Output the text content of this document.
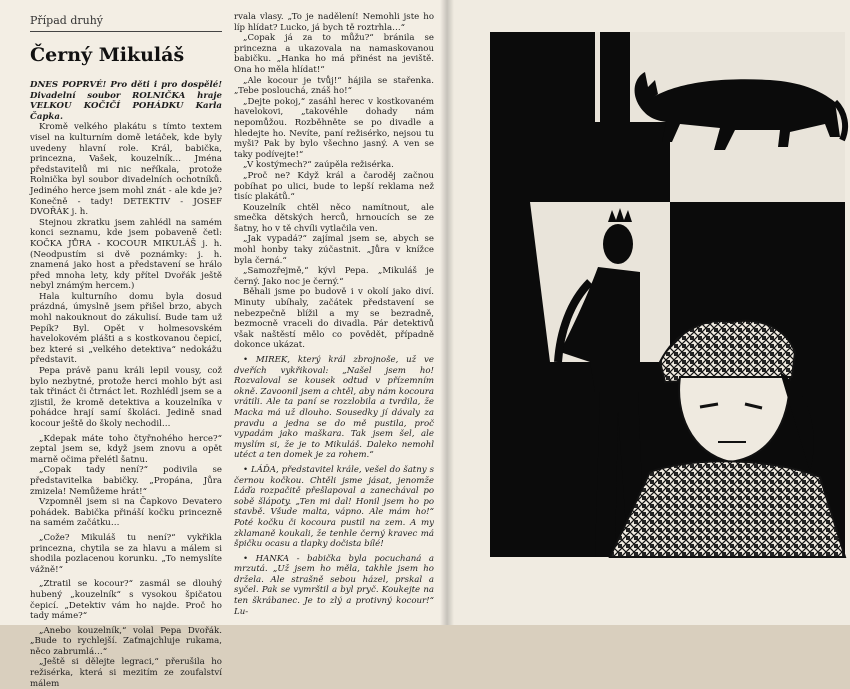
Případ druhý
Černý Mikuláš

DNES POPRVÉ! Pro děti i pro dospělé! Divadelní soubor ROLNIČKA hraje VELKOU KOČIČÍ POHÁDKU Karla Čapka.

Kromě velkého plakátu s tímto textem visel na kulturním domě letáček, kde byly uvedeny hlavní role. Král, babička, princezna, Vašek, kouzelník… Jména představitelů mi nic neříkala, protože Rolnička byl soubor divadelních ochotníků. Jediného herce jsem mohl znát - ale kde je? Konečně - tady! DETEKTIV - JOSEF DVOŘÁK j. h.

Stejnou zkratku jsem zahlédl na samém konci seznamu, kde jsem pobaveně četl: KOČKA JŮRA - KOCOUR MIKULÁŠ j. h. (Neodpustím si dvě poznámky: j. h. znamená jako host a představení se hrálo před mnoha lety, kdy přítel Dvořák ještě nebyl známým hercem.)

Hala kulturního domu byla dosud prázdná, úmyslně jsem přišel brzo, abych mohl nakouknout do zákulisí. Bude tam už Pepík? Byl. Opět v holmesovském havelokovém plášti a s kostkovanou čepicí, bez které si „velkého detektiva“ nedokážu představit.

Pepa právě panu králi lepil vousy, což bylo nezbytné, protože herci mohlo být asi tak třináct či čtrnáct let. Rozhlédl jsem se a zjistil, že kromě detektiva a kouzelníka v pohádce hrají samí školáci. Jedině snad kocour ještě do školy nechodil…

„Kdepak máte toho čtyřnohého herce?“ zeptal jsem se, když jsem znovu a opět marně očima přelétl šatnu.

„Copak tady není?“ podivila se představitelka babičky. „Propána, Jůra zmizela! Nemůžeme hrát!“

Vzpomněl jsem si na Čapkovo Devatero pohádek. Babička přináší kočku princezně na samém začátku…

„Cože? Mikuláš tu není?“ vykřikla princezna, chytila se za hlavu a málem si shodila pozlacenou korunku. „To nemyslíte vážně!“

„Ztratil se kocour?“ zasmál se dlouhý hubený „kouzelník“ s vysokou špičatou čepicí. „Detektiv vám ho najde. Proč ho tady máme?“

„Anebo kouzelník,“ volal Pepa Dvořák. „Bude to rychlejší. Zaťmajchluje rukama, něco zabrumlá…“

„Ještě si dělejte legraci,“ přerušila ho režisérka, která si mezitím ze zoufalství málem

rvala vlasy. „To je nadělení! Nemohli jste ho líp hlídat? Lucko, já bych tě roztrhla…“

„Copak já za to můžu?“ bránila se princezna a ukazovala na namaskovanou babičku. „Hanka ho má přinést na jeviště. Ona ho měla hlídat!“

„Ale kocour je tvůj!“ hájila se stařenka. „Tebe poslouchá, znáš ho!“

„Dejte pokoj,“ zasáhl herec v kostkovaném havelokovi, „takovéhle dohady nám nepomůžou. Rozběhněte se po divadle a hledejte ho. Nevíte, paní režisérko, nejsou tu myši? Pak by bylo všechno jasný. A ven se taky podívejte!“

„V kostýmech?“ zaúpěla režisérka.

„Proč ne? Když král a čaroděj začnou pobíhat po ulici, bude to lepší reklama než tisíc plakátů.“

Kouzelník chtěl něco namítnout, ale smečka dětských herců, hrnoucích se ze šatny, ho v tě chvíli vytlačila ven.

„Jak vypadá?“ zajímal jsem se, abych se mohl honby taky zúčastnit. „Jůra v knížce byla černá.“

„Samozřejmě,“ kývl Pepa. „Mikuláš je černý. Jako noc je černý.“

Běhali jsme po budově i v okolí jako diví. Minuty ubíhaly, začátek představení se nebezpečně blížil a my se bezradně, bezmocně vraceli do divadla. Pár detektivů však naštěstí mělo co povědět, případně dokonce ukázat.

• MIREK, který král zbrojnoše, už ve dveřích vykřikoval: „Našel jsem ho! Rozvaloval se kousek odtud v přízemním okně. Zavoonil jsem a chtěl, aby nám kocoura vrátili. Ale ta paní se rozzlobila a tvrdila, že Macka má už dlouho. Sousedky jí dávaly za pravdu a jedna se do mě pustila, proč vypadám jako maškara. Tak jsem šel, ale myslím si, že je to Mikuláš. Daleko nemohl utéct a ten domek je za rohem.“

• LÁĎA, představitel krále, vešel do šatny s černou kočkou. Chtěli jsme jásat, jenomže Láďa rozpačitě přešlapoval a zanechával po sobě šlápoty. „Ten mi dal! Honil jsem ho po stavbě. Všude malta, vápno. Ale mám ho!“ Poté kočku či kocoura pustil na zem. A my zklamaně koukali, že tenhle černý kravec má špičku ocasu a tlapky dočista bílé!

• HANKA - babička byla pocuchaná a mrzutá. „Už jsem ho měla, takhle jsem ho držela. Ale strašně sebou házel, prskal a syčel. Pak se vymrštil a byl pryč. Koukejte na ten škrábanec. Je to zlý a protivný kocour!“ Lu-
